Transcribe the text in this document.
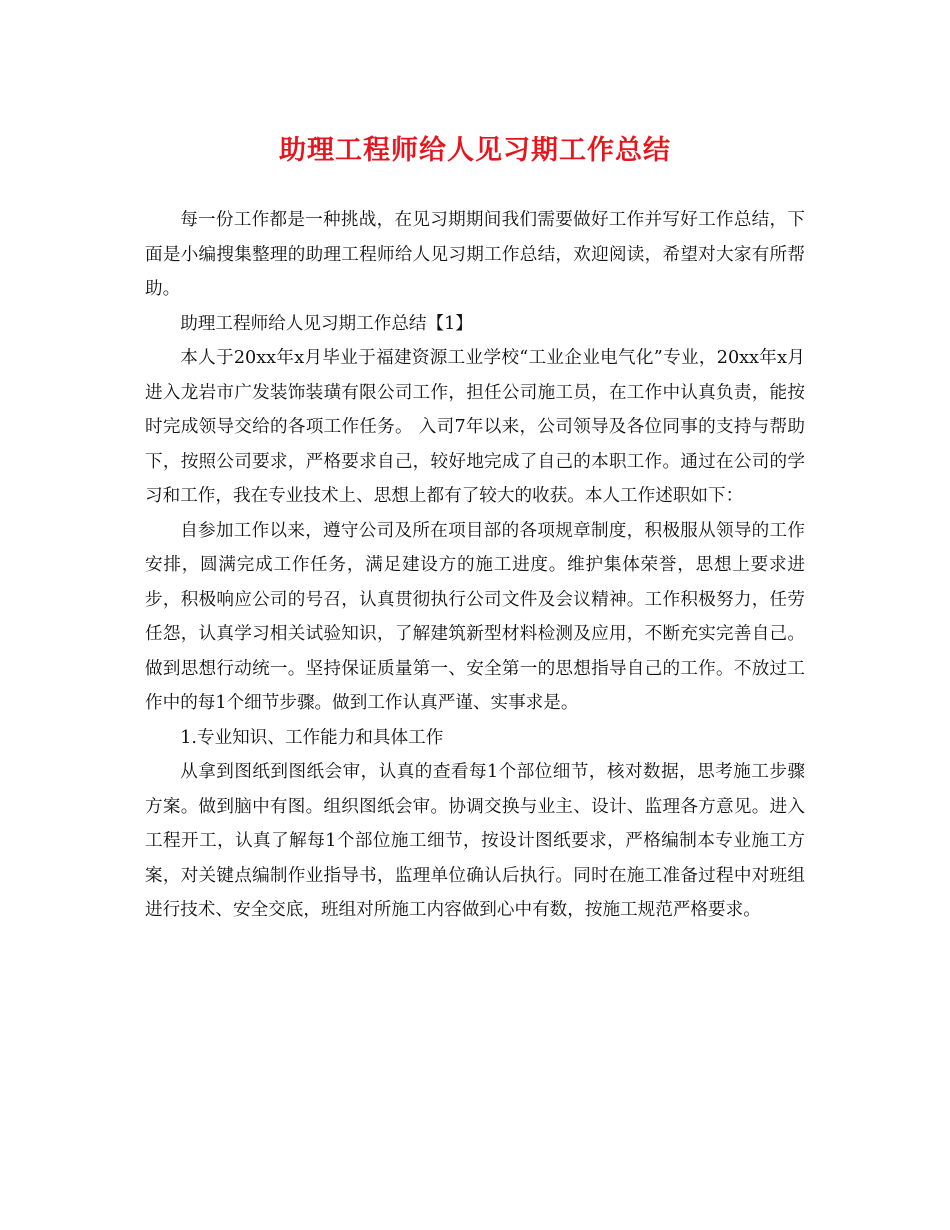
助理工程师给人见习期工作总结

每一份工作都是一种挑战，在见习期期间我们需要做好工作并写好工作总结，下面是小编搜集整理的助理工程师给人见习期工作总结，欢迎阅读，希望对大家有所帮助。

助理工程师给人见习期工作总结【1】

本人于20xx年x月毕业于福建资源工业学校“工业企业电气化”专业，20xx年x月进入龙岩市广发装饰装璜有限公司工作，担任公司施工员，在工作中认真负责，能按时完成领导交给的各项工作任务。 入司7年以来，公司领导及各位同事的支持与帮助下，按照公司要求，严格要求自己，较好地完成了自己的本职工作。通过在公司的学习和工作，我在专业技术上、思想上都有了较大的收获。本人工作述职如下：

自参加工作以来，遵守公司及所在项目部的各项规章制度，积极服从领导的工作安排，圆满完成工作任务，满足建设方的施工进度。维护集体荣誉，思想上要求进步，积极响应公司的号召，认真贯彻执行公司文件及会议精神。工作积极努力，任劳任怨，认真学习相关试验知识，了解建筑新型材料检测及应用，不断充实完善自己。做到思想行动统一。坚持保证质量第一、安全第一的思想指导自己的工作。不放过工作中的每1个细节步骤。做到工作认真严谨、实事求是。

1.专业知识、工作能力和具体工作

从拿到图纸到图纸会审，认真的查看每1个部位细节，核对数据，思考施工步骤方案。做到脑中有图。组织图纸会审。协调交换与业主、设计、监理各方意见。进入工程开工，认真了解每1个部位施工细节，按设计图纸要求，严格编制本专业施工方案，对关键点编制作业指导书，监理单位确认后执行。同时在施工准备过程中对班组进行技术、安全交底，班组对所施工内容做到心中有数，按施工规范严格要求。
